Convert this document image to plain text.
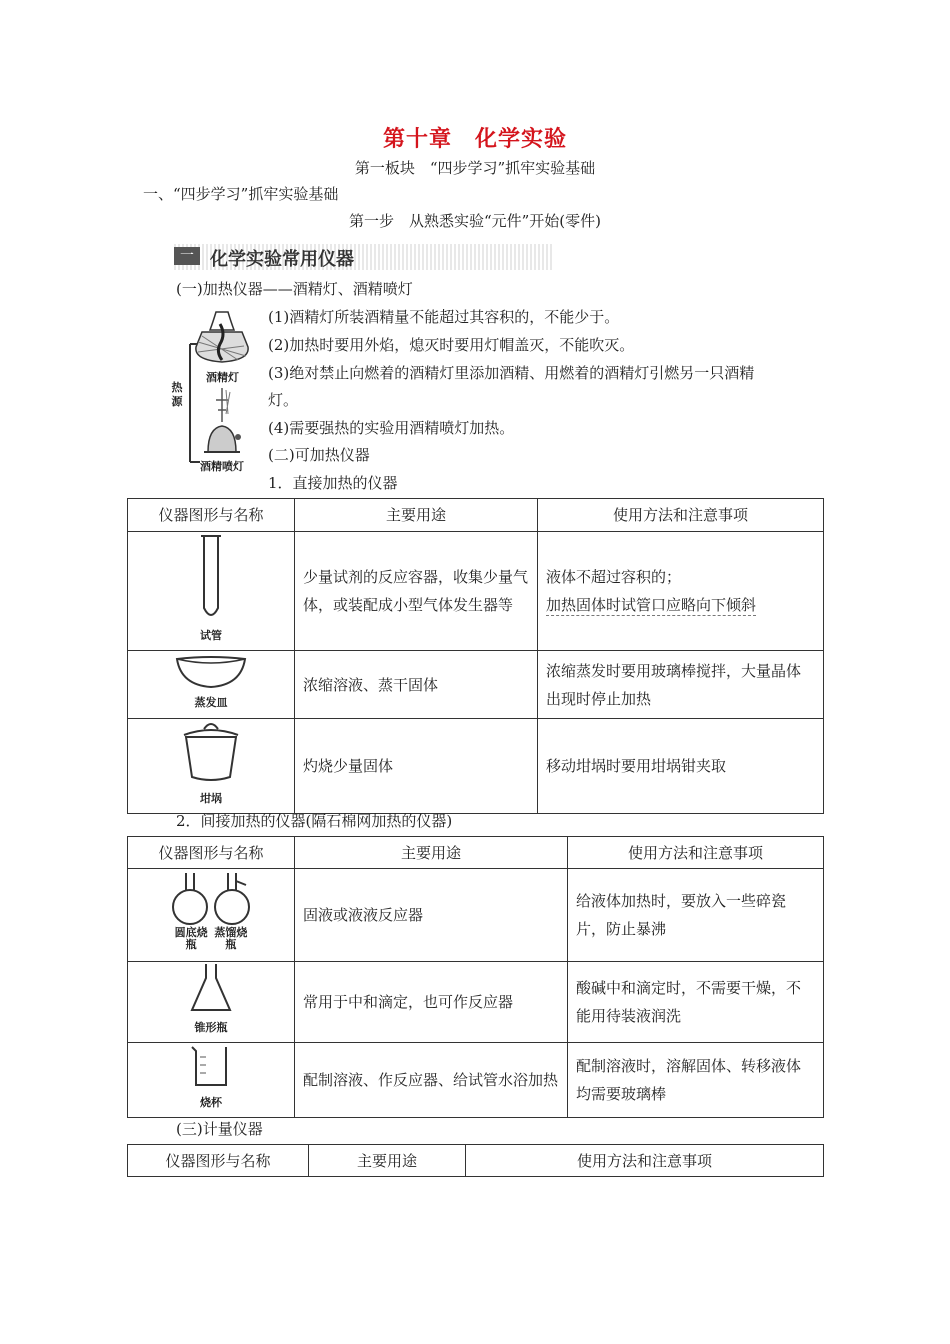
第十章　化学实验
第一板块　“四步学习”抓牢实验基础
一、“四步学习”抓牢实验基础
第一步　从熟悉实验“元件”开始(零件)
一 化学实验常用仪器
(一)加热仪器——酒精灯、酒精喷灯
酒精灯
热源
酒精喷灯
(1)酒精灯所装酒精量不能超过其容积的，不能少于。
(2)加热时要用外焰，熄灭时要用灯帽盖灭，不能吹灭。
(3)绝对禁止向燃着的酒精灯里添加酒精、用燃着的酒精灯引燃另一只酒精
灯。
(4)需要强热的实验用酒精喷灯加热。
(二)可加热仪器
1．直接加热的仪器
仪器图形与名称	主要用途	使用方法和注意事项

试管	少量试剂的反应容器，收集少量气体，或装配成小型气体发生器等	液体不超过容积的；
加热固体时试管口应略向下倾斜

蒸发皿	浓缩溶液、蒸干固体	浓缩蒸发时要用玻璃棒搅拌，大量晶体出现时停止加热

坩埚	灼烧少量固体	移动坩埚时要用坩埚钳夹取
2．间接加热的仪器(隔石棉网加热的仪器)
仪器图形与名称	主要用途	使用方法和注意事项

圆底烧瓶 蒸馏烧瓶	固液或液液反应器	给液体加热时，要放入一些碎瓷片，防止暴沸

锥形瓶	常用于中和滴定，也可作反应器	酸碱中和滴定时，不需要干燥，不能用待装液润洗

烧杯	配制溶液、作反应器、给试管水浴加热	配制溶液时，溶解固体、转移液体均需要玻璃棒
(三)计量仪器
仪器图形与名称	主要用途	使用方法和注意事项
